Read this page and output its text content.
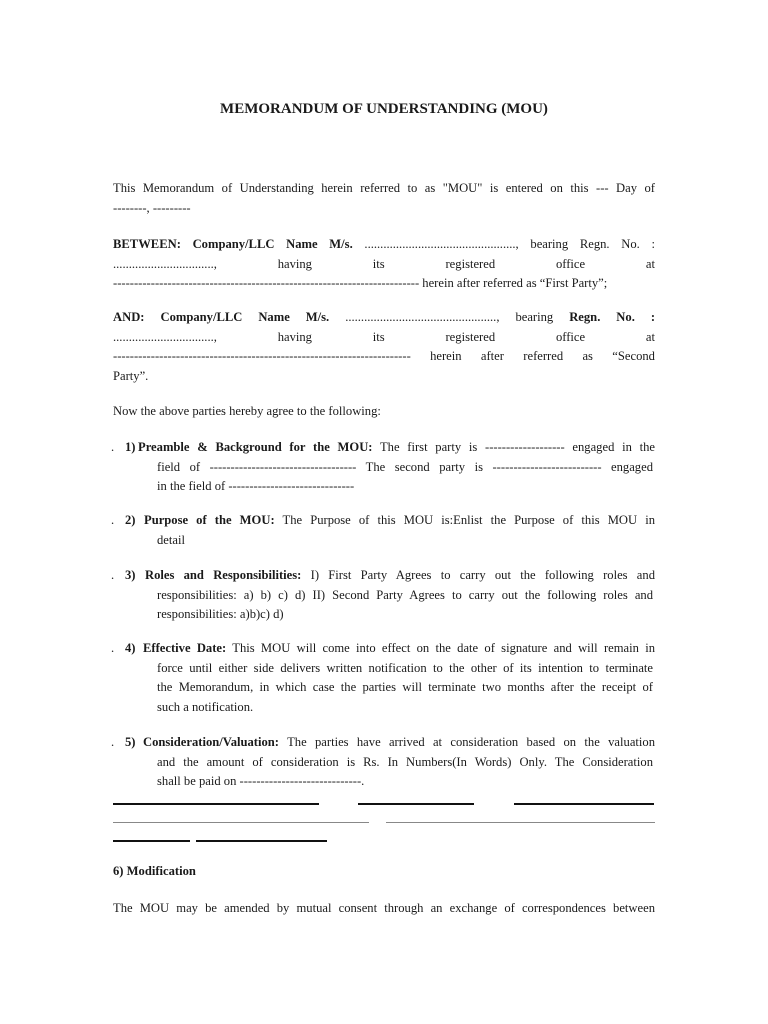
MEMORANDUM OF UNDERSTANDING (MOU)
This Memorandum of Understanding herein referred to as "MOU" is entered on this --- Day of
--------, ---------
BETWEEN: Company/LLC Name M/s. ................................................, bearing Regn. No. :
................................,	having	its	registered	office	at
------------------------------------------------------------------------- herein after referred as “First Party”;
AND: Company/LLC Name M/s. ................................................, bearing Regn. No. :
................................,	having	its	registered	office	at
----------------------------------------------------------------------- herein after referred as “Second
Party”.
Now the above parties hereby agree to the following:
. 1) Preamble & Background for the MOU: The first party is ------------------- engaged in the
field of ----------------------------------- The second party is -------------------------- engaged
in the field of ------------------------------
. 2) Purpose of the MOU: The Purpose of this MOU is:Enlist the Purpose of this MOU in
detail
. 3) Roles and Responsibilities: I) First Party Agrees to carry out the following roles and
responsibilities: a) b) c) d) II) Second Party Agrees to carry out the following roles and
responsibilities: a)b)c) d)
. 4) Effective Date: This MOU will come into effect on the date of signature and will remain in
force until either side delivers written notification to the other of its intention to terminate
the Memorandum, in which case the parties will terminate two months after the receipt of
such a notification.
. 5) Consideration/Valuation: The parties have arrived at consideration based on the valuation
and the amount of consideration is Rs. In Numbers(In Words) Only. The Consideration
shall be paid on -----------------------------.
6) Modification
The MOU may be amended by mutual consent through an exchange of correspondences between
